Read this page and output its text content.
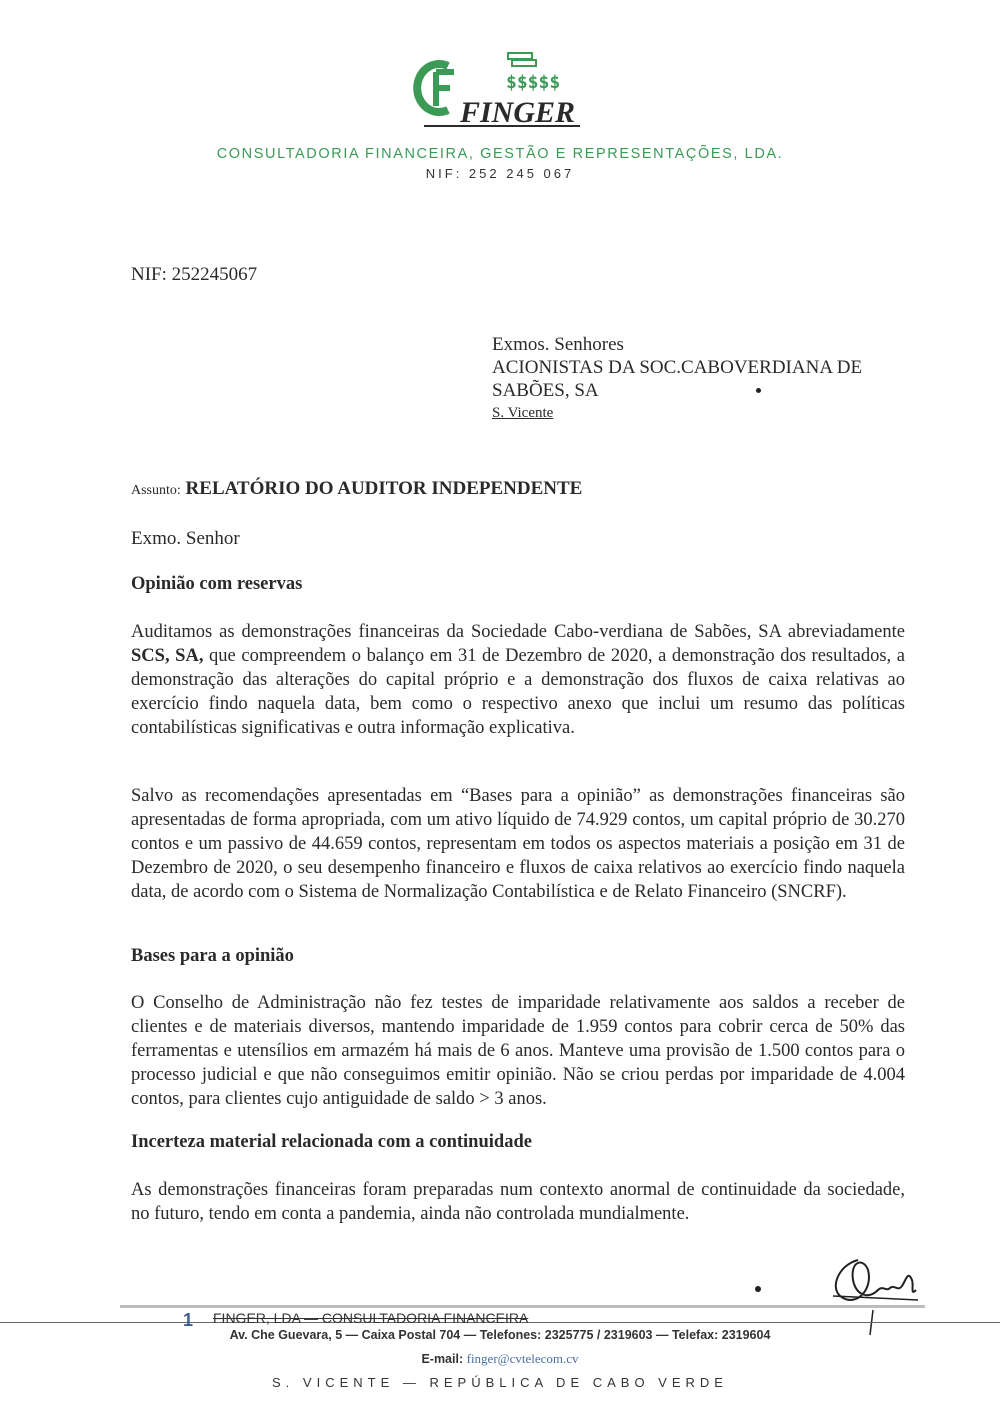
$$$$$
FINGER
CONSULTADORIA FINANCEIRA, GESTÃO E REPRESENTAÇÕES, LDA.
NIF: 252 245 067
NIF: 252245067
Exmos. Senhores
ACIONISTAS DA SOC.CABOVERDIANA DE
SABÕES, SA
S. Vicente
Assunto: RELATÓRIO DO AUDITOR INDEPENDENTE
Exmo. Senhor
Opinião com reservas
Auditamos as demonstrações financeiras da Sociedade Cabo-verdiana de Sabões, SA abreviadamente SCS, SA, que compreendem o balanço em 31 de Dezembro de 2020, a demonstração dos resultados, a demonstração das alterações do capital próprio e a demonstração dos fluxos de caixa relativas ao exercício findo naquela data, bem como o respectivo anexo que inclui um resumo das políticas contabilísticas significativas e outra informação explicativa.
Salvo as recomendações apresentadas em “Bases para a opinião” as demonstrações financeiras são apresentadas de forma apropriada, com um ativo líquido de 74.929 contos, um capital próprio de 30.270 contos e um passivo de 44.659 contos, representam em todos os aspectos materiais a posição em 31 de Dezembro de 2020, o seu desempenho financeiro e fluxos de caixa relativos ao exercício findo naquela data, de acordo com o Sistema de Normalização Contabilística e de Relato Financeiro (SNCRF).
Bases para a opinião
O Conselho de Administração não fez testes de imparidade relativamente aos saldos a receber de clientes e de materiais diversos, mantendo imparidade de 1.959 contos para cobrir cerca de 50% das ferramentas e utensílios em armazém há mais de 6 anos. Manteve uma provisão de 1.500 contos para o processo judicial e que não conseguimos emitir opinião. Não se criou perdas por imparidade de 4.004 contos, para clientes cujo antiguidade de saldo > 3 anos.
Incerteza material relacionada com a continuidade
As demonstrações financeiras foram preparadas num contexto anormal de continuidade da sociedade, no futuro, tendo em conta a pandemia, ainda não controlada mundialmente.
1 FINGER, LDA — CONSULTADORIA FINANCEIRA
Av. Che Guevara, 5 — Caixa Postal 704 — Telefones: 2325775 / 2319603 — Telefax: 2319604
E-mail: finger@cvtelecom.cv
S. VICENTE — REPÚBLICA DE CABO VERDE
